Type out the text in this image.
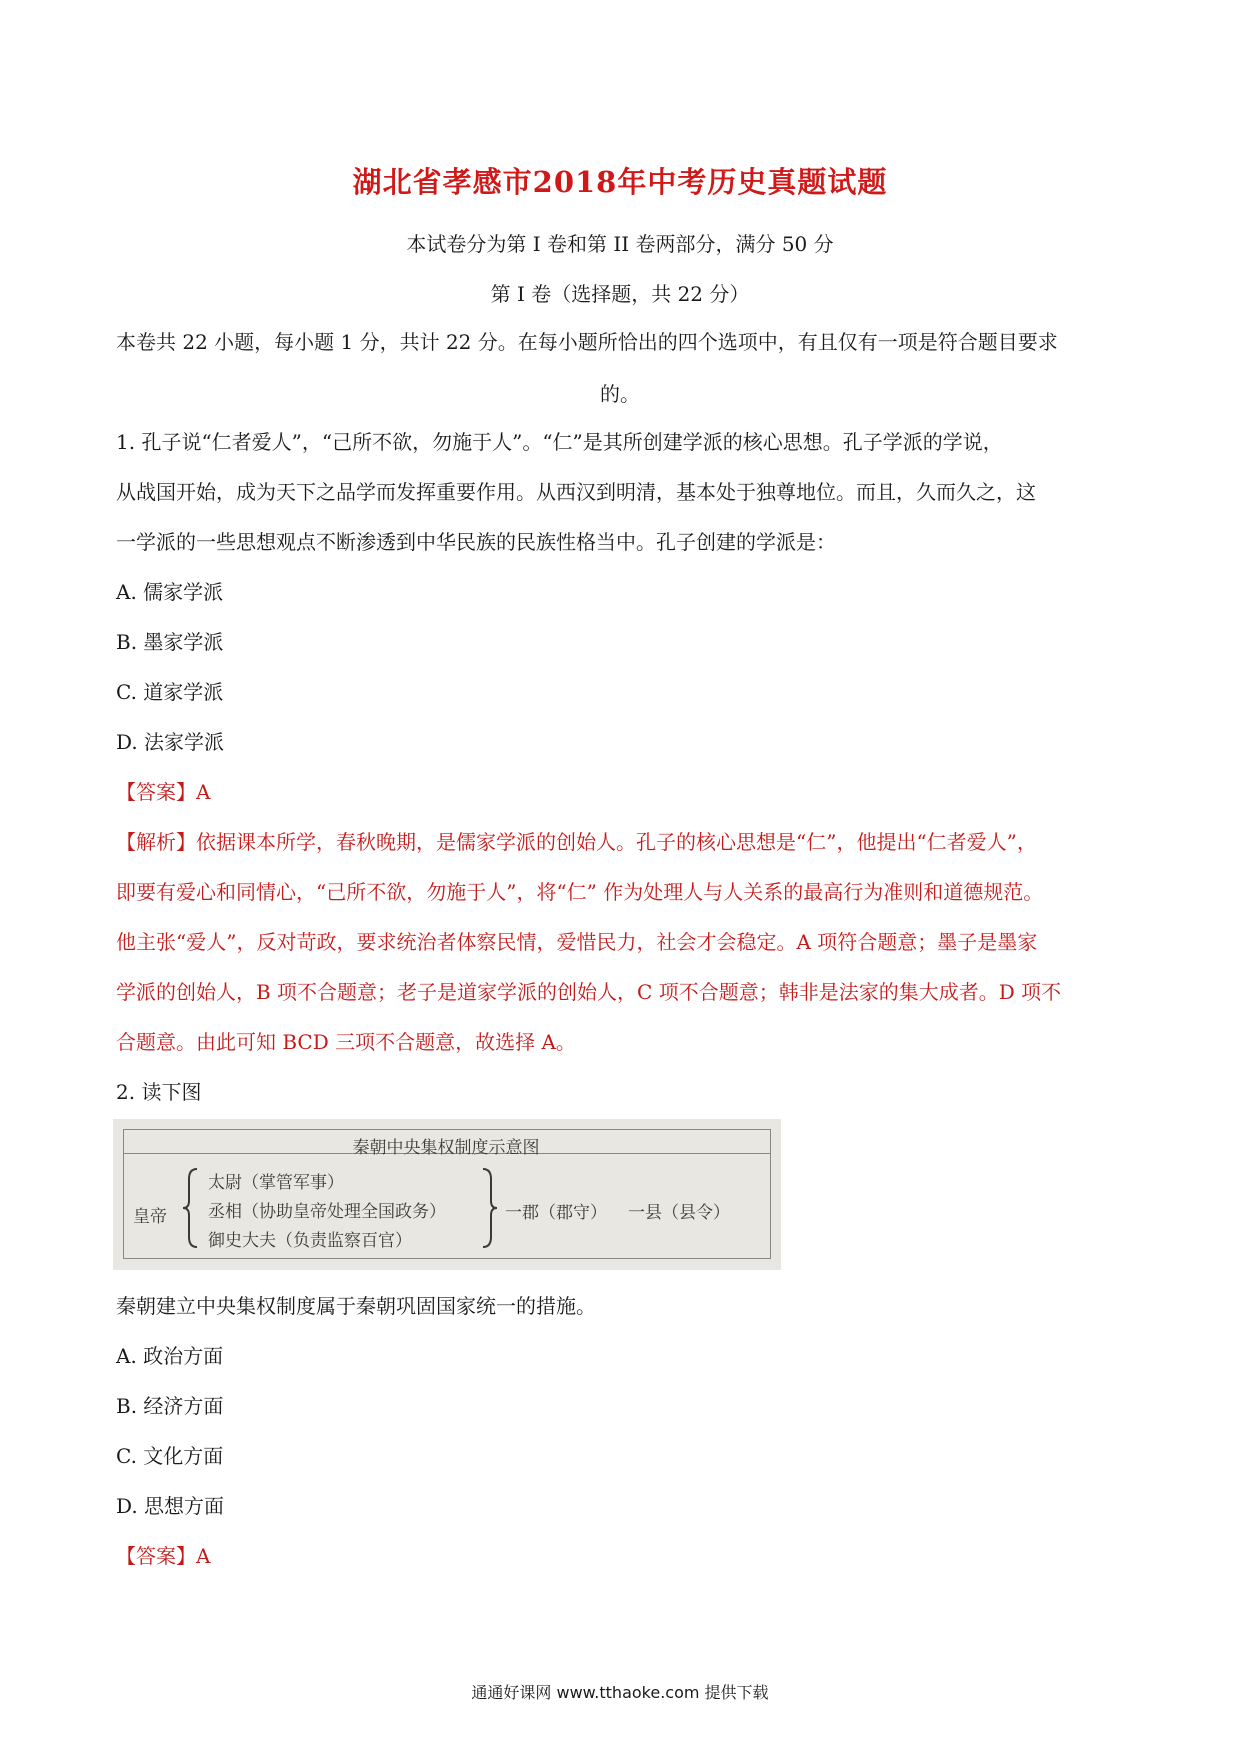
湖北省孝感市2018年中考历史真题试题
本试卷分为第 I 卷和第 II 卷两部分，满分 50 分
第 I 卷（选择题，共 22 分）
本卷共 22 小题，每小题 1 分，共计 22 分。在每小题所恰出的四个选项中，有且仅有一项是符合题目要求
的。
1. 孔子说“仁者爱人”，“己所不欲，勿施于人”。“仁”是其所创建学派的核心思想。孔子学派的学说，
从战国开始，成为天下之品学而发挥重要作用。从西汉到明清，基本处于独尊地位。而且，久而久之，这
一学派的一些思想观点不断渗透到中华民族的民族性格当中。孔子创建的学派是：
A. 儒家学派
B. 墨家学派
C. 道家学派
D. 法家学派
【答案】A
【解析】依据课本所学，春秋晚期，是儒家学派的创始人。孔子的核心思想是“仁”，他提出“仁者爱人”，
即要有爱心和同情心，“己所不欲，勿施于人”，将“仁” 作为处理人与人关系的最高行为准则和道德规范。
他主张“爱人”，反对苛政，要求统治者体察民情，爱惜民力，社会才会稳定。A 项符合题意；墨子是墨家
学派的创始人，B 项不合题意；老子是道家学派的创始人，C 项不合题意；韩非是法家的集大成者。D 项不
合题意。由此可知 BCD 三项不合题意，故选择 A。
2. 读下图
秦朝中央集权制度示意图
皇帝
太尉（掌管军事）
丞相（协助皇帝处理全国政务）
御史大夫（负责监察百官）
一郡（郡守） 一县（县令）
秦朝建立中央集权制度属于秦朝巩固国家统一的措施。
A. 政治方面
B. 经济方面
C. 文化方面
D. 思想方面
【答案】A
通通好课网 www.tthaoke.com 提供下载
